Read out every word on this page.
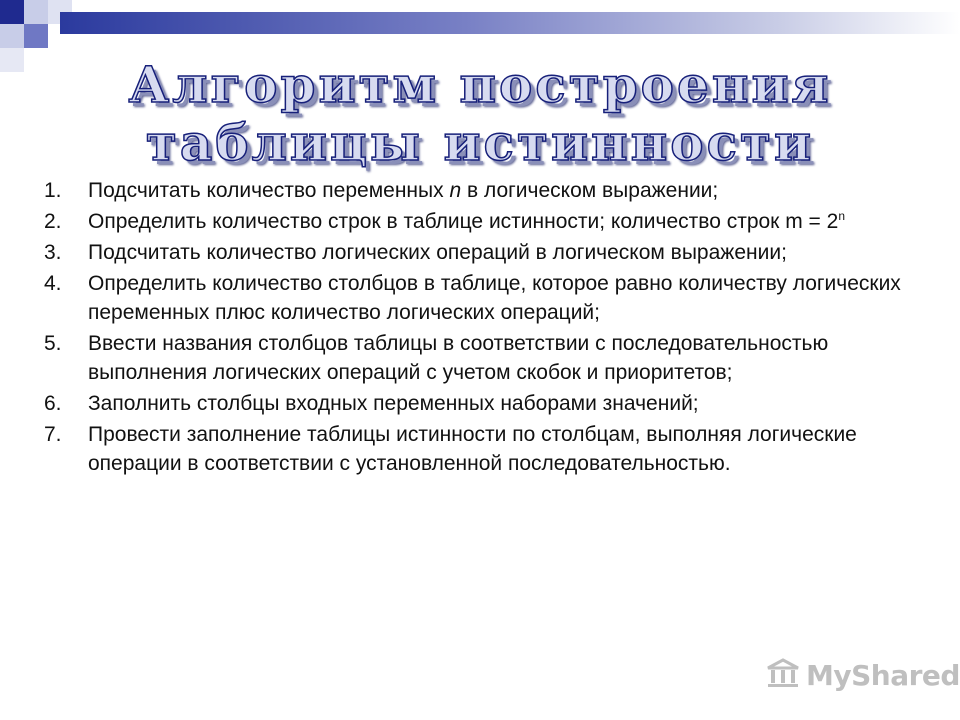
Алгоритм построения
таблицы истинности
1.	Подсчитать количество переменных n в логическом выражении;
2.	Определить количество строк в таблице истинности; количество строк $m = 2^n$
3.	Подсчитать количество логических операций в логическом выражении;
4.	Определить количество столбцов в таблице, которое равно количеству логических переменных плюс количество логических операций;
5.	Ввести названия столбцов таблицы в соответствии с последовательностью выполнения логических операций с учетом скобок и приоритетов;
6.	Заполнить столбцы входных переменных наборами значений;
7.	Провести заполнение таблицы истинности по столбцам, выполняя логические операции в соответствии с установленной последовательностью.
MyShared
